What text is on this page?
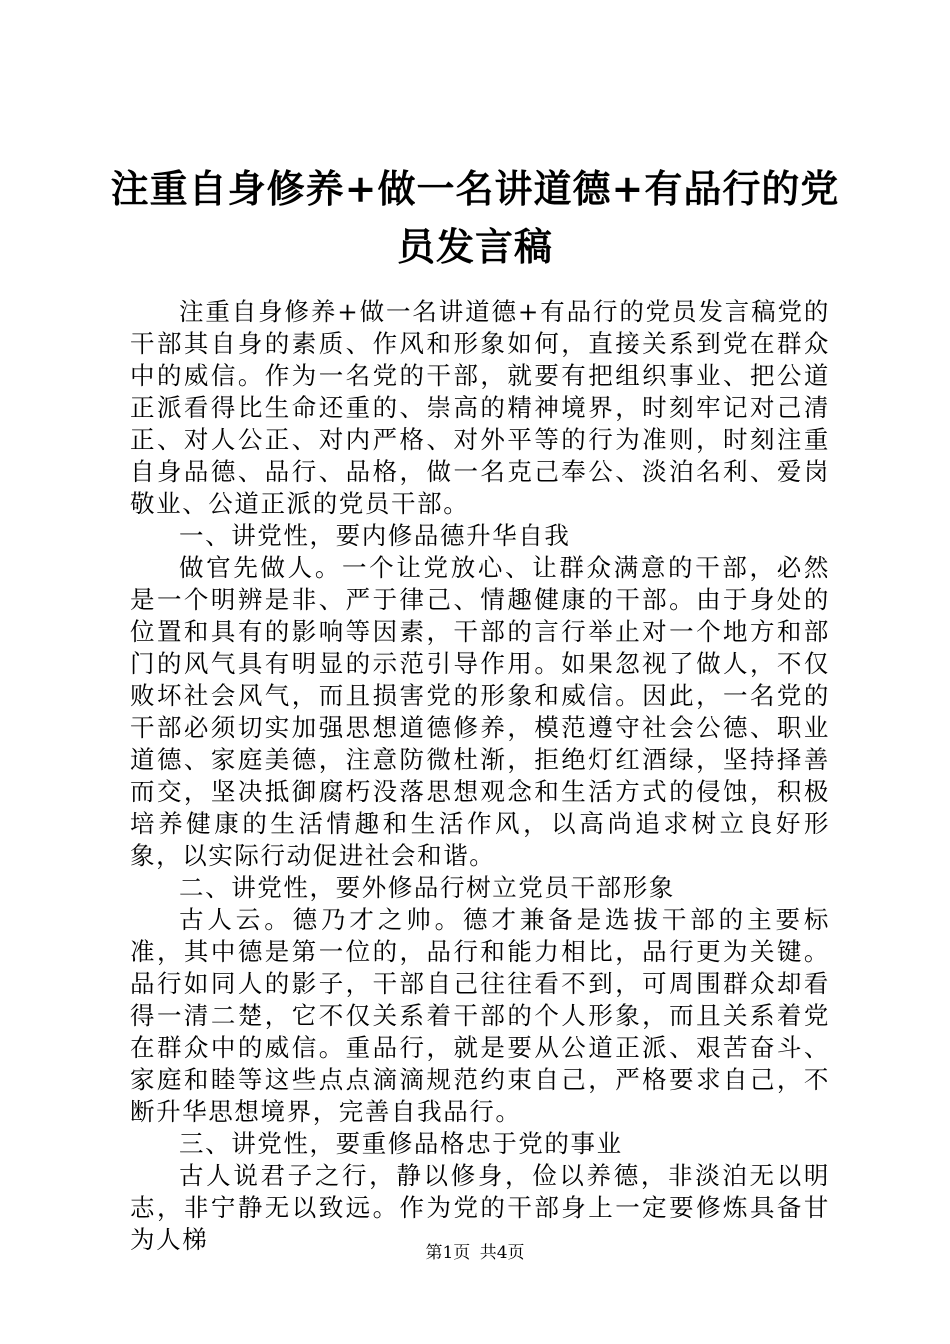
注重自身修养+做一名讲道德+有品行的党员发言稿

注重自身修养+做一名讲道德+有品行的党员发言稿党的干部其自身的素质、作风和形象如何，直接关系到党在群众中的威信。作为一名党的干部，就要有把组织事业、把公道正派看得比生命还重的、崇高的精神境界，时刻牢记对己清正、对人公正、对内严格、对外平等的行为准则，时刻注重自身品德、品行、品格，做一名克己奉公、淡泊名利、爱岗敬业、公道正派的党员干部。

一、讲党性，要内修品德升华自我

做官先做人。一个让党放心、让群众满意的干部，必然是一个明辨是非、严于律己、情趣健康的干部。由于身处的位置和具有的影响等因素，干部的言行举止对一个地方和部门的风气具有明显的示范引导作用。如果忽视了做人，不仅败坏社会风气，而且损害党的形象和威信。因此，一名党的干部必须切实加强思想道德修养，模范遵守社会公德、职业道德、家庭美德，注意防微杜渐，拒绝灯红酒绿，坚持择善而交，坚决抵御腐朽没落思想观念和生活方式的侵蚀，积极培养健康的生活情趣和生活作风，以高尚追求树立良好形象，以实际行动促进社会和谐。

二、讲党性，要外修品行树立党员干部形象

古人云。德乃才之帅。德才兼备是选拔干部的主要标准，其中德是第一位的，品行和能力相比，品行更为关键。品行如同人的影子，干部自己往往看不到，可周围群众却看得一清二楚，它不仅关系着干部的个人形象，而且关系着党在群众中的威信。重品行，就是要从公道正派、艰苦奋斗、家庭和睦等这些点点滴滴规范约束自己，严格要求自己，不断升华思想境界，完善自我品行。

三、讲党性，要重修品格忠于党的事业

古人说君子之行，静以修身，俭以养德，非淡泊无以明志，非宁静无以致远。作为党的干部身上一定要修炼具备甘为人梯	第1页 共4页
